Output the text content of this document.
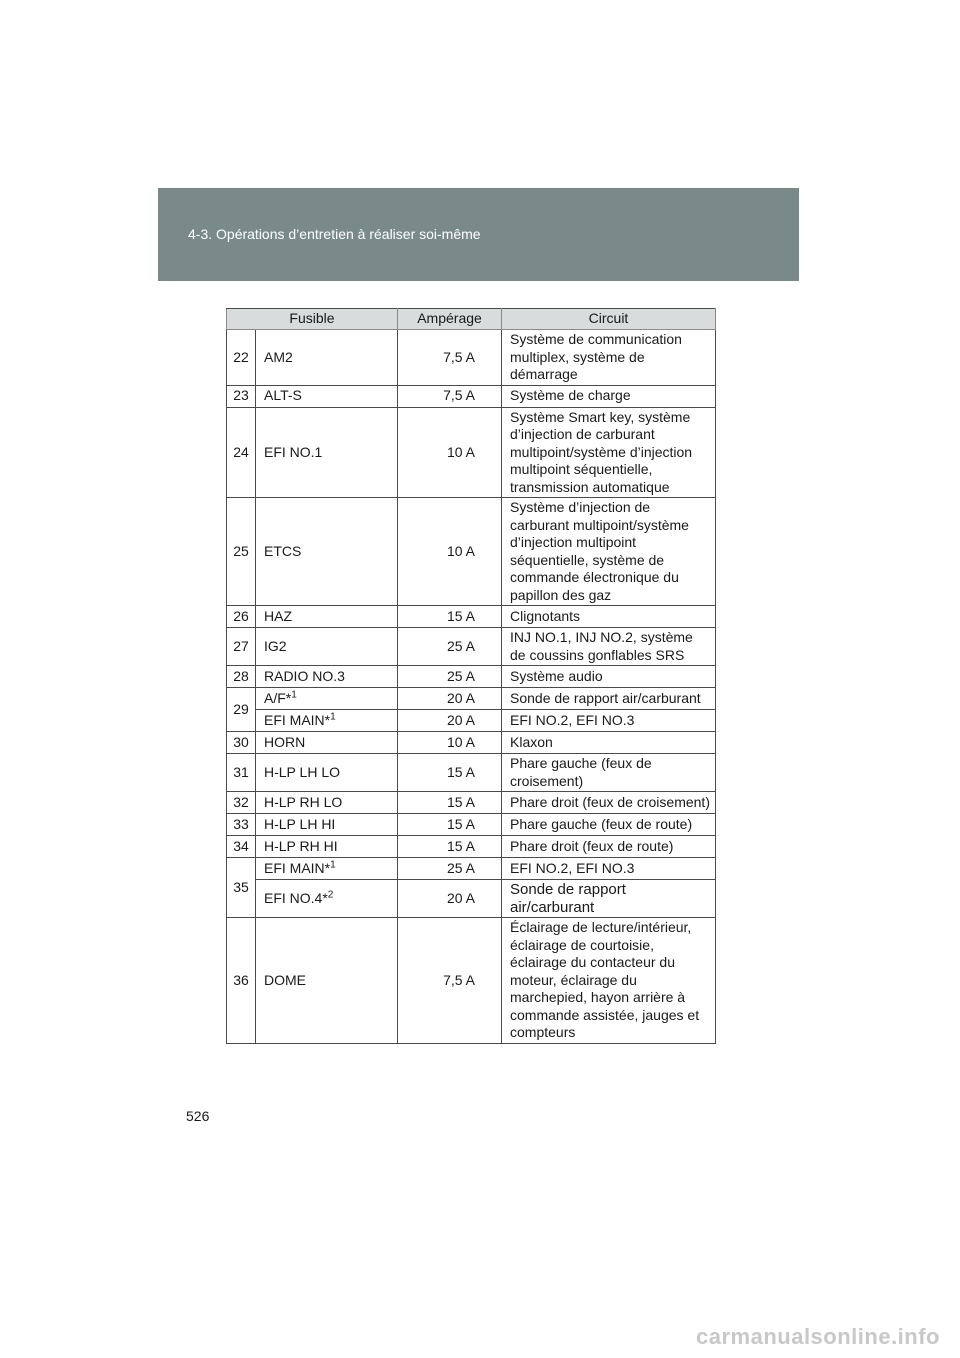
4-3. Opérations d’entretien à réaliser soi-même
Fusible		Ampérage	Circuit
22	AM2	7,5 A	Système de communication multiplex, système de démarrage
23	ALT-S	7,5 A	Système de charge
24	EFI NO.1	10 A	Système Smart key, système d’injection de carburant multipoint/système d’injection multipoint séquentielle, transmission automatique
25	ETCS	10 A	Système d’injection de carburant multipoint/système d’injection multipoint séquentielle, système de commande électronique du papillon des gaz
26	HAZ	15 A	Clignotants
27	IG2	25 A	INJ NO.1, INJ NO.2, système de coussins gonflables SRS
28	RADIO NO.3	25 A	Système audio
29	A/F*$^1$	20 A	Sonde de rapport air/carburant
	EFI MAIN*$^1$	20 A	EFI NO.2, EFI NO.3
30	HORN	10 A	Klaxon
31	H-LP LH LO	15 A	Phare gauche (feux de croisement)
32	H-LP RH LO	15 A	Phare droit (feux de croisement)
33	H-LP LH HI	15 A	Phare gauche (feux de route)
34	H-LP RH HI	15 A	Phare droit (feux de route)
35	EFI MAIN*$^1$	25 A	EFI NO.2, EFI NO.3
	EFI NO.4*$^2$	20 A	Sonde de rapport air/carburant
36	DOME	7,5 A	Éclairage de lecture/intérieur, éclairage de courtoisie, éclairage du contacteur du moteur, éclairage du marchepied, hayon arrière à commande assistée, jauges et compteurs
526
carmanualsonline.info
